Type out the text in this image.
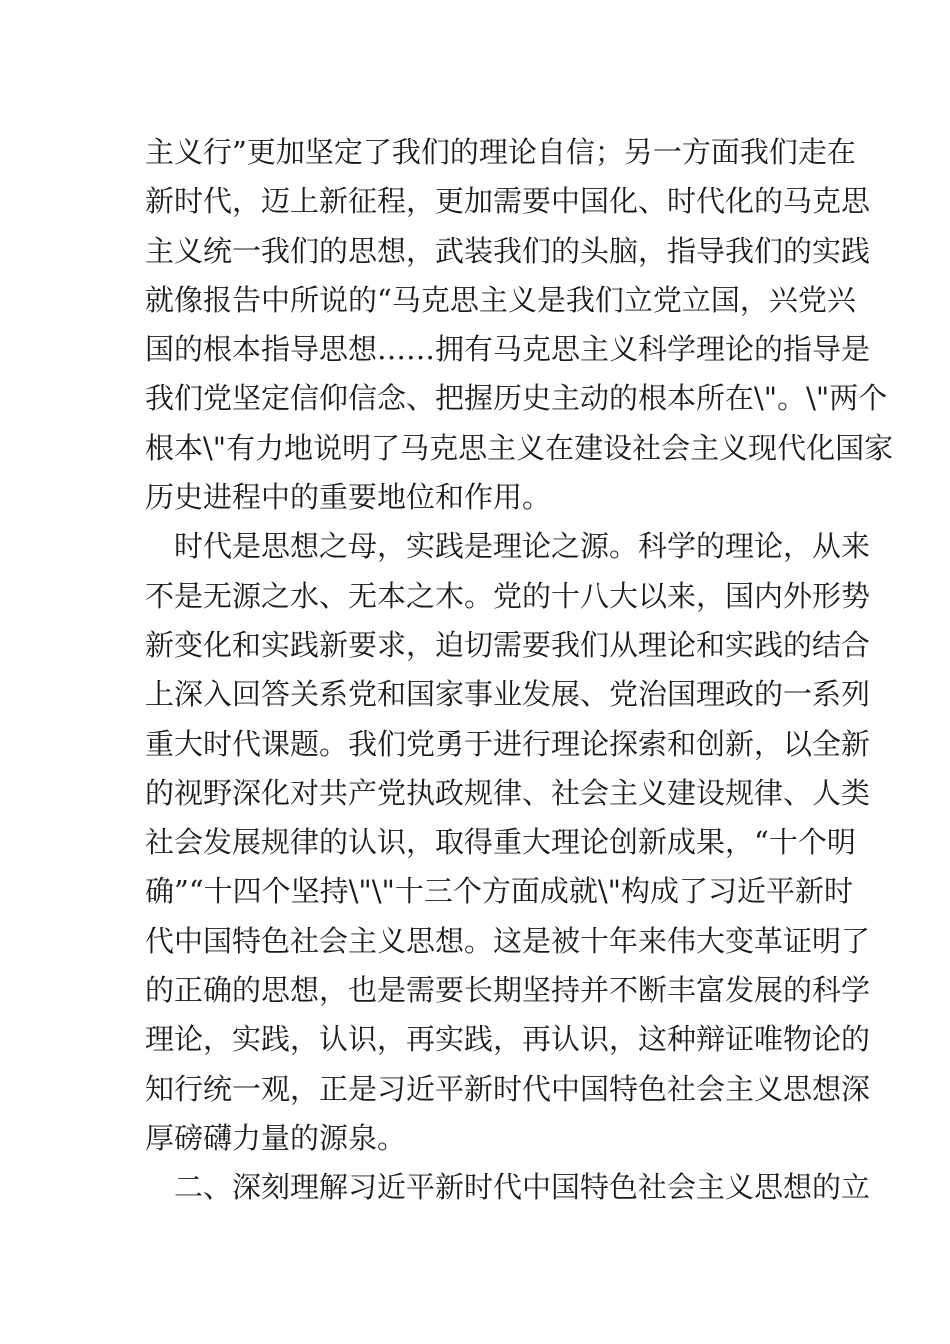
主义行”更加坚定了我们的理论自信；另一方面我们走在
新时代，迈上新征程，更加需要中国化、时代化的马克思
主义统一我们的思想，武装我们的头脑，指导我们的实践
就像报告中所说的“马克思主义是我们立党立国，兴党兴
国的根本指导思想……拥有马克思主义科学理论的指导是
我们党坚定信仰信念、把握历史主动的根本所在\"。\"两个
根本\"有力地说明了马克思主义在建设社会主义现代化国家
历史进程中的重要地位和作用。
　时代是思想之母，实践是理论之源。科学的理论，从来
不是无源之水、无本之木。党的十八大以来，国内外形势
新变化和实践新要求，迫切需要我们从理论和实践的结合
上深入回答关系党和国家事业发展、党治国理政的一系列
重大时代课题。我们党勇于进行理论探索和创新，以全新
的视野深化对共产党执政规律、社会主义建设规律、人类
社会发展规律的认识，取得重大理论创新成果，“十个明
确”“十四个坚持\"\"十三个方面成就\"构成了习近平新时
代中国特色社会主义思想。这是被十年来伟大变革证明了
的正确的思想，也是需要长期坚持并不断丰富发展的科学
理论，实践，认识，再实践，再认识，这种辩证唯物论的
知行统一观，正是习近平新时代中国特色社会主义思想深
厚磅礴力量的源泉。
　二、深刻理解习近平新时代中国特色社会主义思想的立
